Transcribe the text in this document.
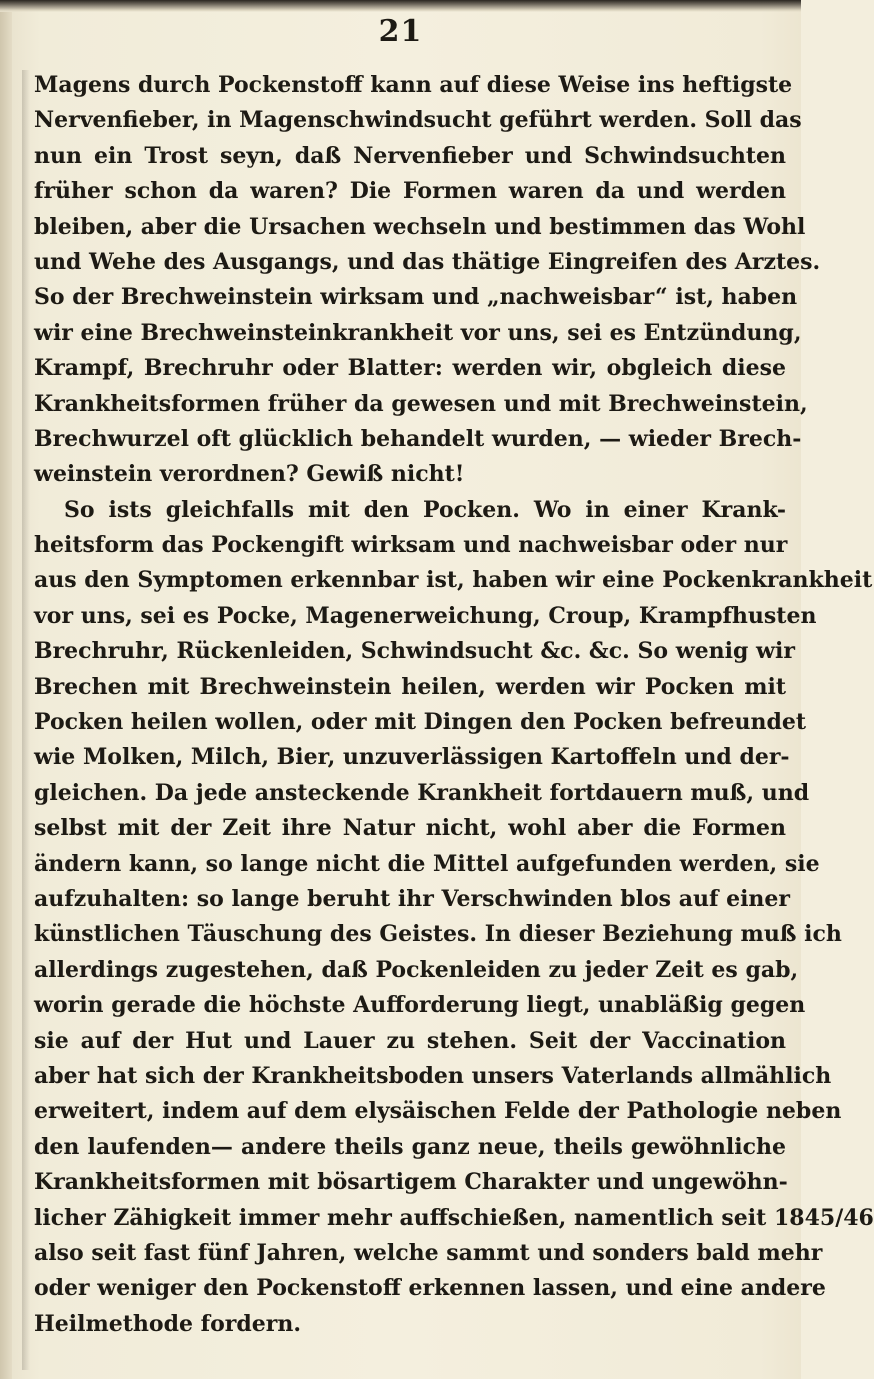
21
Magens durch Pockenstoff kann auf diese Weise ins heftigste
Nervenfieber, in Magenschwindsucht geführt werden. Soll das
nun ein Trost seyn, daß Nervenfieber und Schwindsuchten
früher schon da waren? Die Formen waren da und werden
bleiben, aber die Ursachen wechseln und bestimmen das Wohl
und Wehe des Ausgangs, und das thätige Eingreifen des Arztes.
So der Brechweinstein wirksam und „nachweisbar“ ist, haben
wir eine Brechweinsteinkrankheit vor uns, sei es Entzündung,
Krampf, Brechruhr oder Blatter: werden wir, obgleich diese
Krankheitsformen früher da gewesen und mit Brechweinstein,
Brechwurzel oft glücklich behandelt wurden, — wieder Brech-
weinstein verordnen? Gewiß nicht!
So ists gleichfalls mit den Pocken. Wo in einer Krank-
heitsform das Pockengift wirksam und nachweisbar oder nur
aus den Symptomen erkennbar ist, haben wir eine Pockenkrankheit
vor uns, sei es Pocke, Magenerweichung, Croup, Krampfhusten
Brechruhr, Rückenleiden, Schwindsucht &c. &c. So wenig wir
Brechen mit Brechweinstein heilen, werden wir Pocken mit
Pocken heilen wollen, oder mit Dingen den Pocken befreundet
wie Molken, Milch, Bier, unzuverlässigen Kartoffeln und der-
gleichen. Da jede ansteckende Krankheit fortdauern muß, und
selbst mit der Zeit ihre Natur nicht, wohl aber die Formen
ändern kann, so lange nicht die Mittel aufgefunden werden, sie
aufzuhalten: so lange beruht ihr Verschwinden blos auf einer
künstlichen Täuschung des Geistes. In dieser Beziehung muß ich
allerdings zugestehen, daß Pockenleiden zu jeder Zeit es gab,
worin gerade die höchste Aufforderung liegt, unabläßig gegen
sie auf der Hut und Lauer zu stehen. Seit der Vaccination
aber hat sich der Krankheitsboden unsers Vaterlands allmählich
erweitert, indem auf dem elysäischen Felde der Pathologie neben
den laufenden— andere theils ganz neue, theils gewöhnliche
Krankheitsformen mit bösartigem Charakter und ungewöhn-
licher Zähigkeit immer mehr auffschießen, namentlich seit 1845/46
also seit fast fünf Jahren, welche sammt und sonders bald mehr
oder weniger den Pockenstoff erkennen lassen, und eine andere
Heilmethode fordern.
